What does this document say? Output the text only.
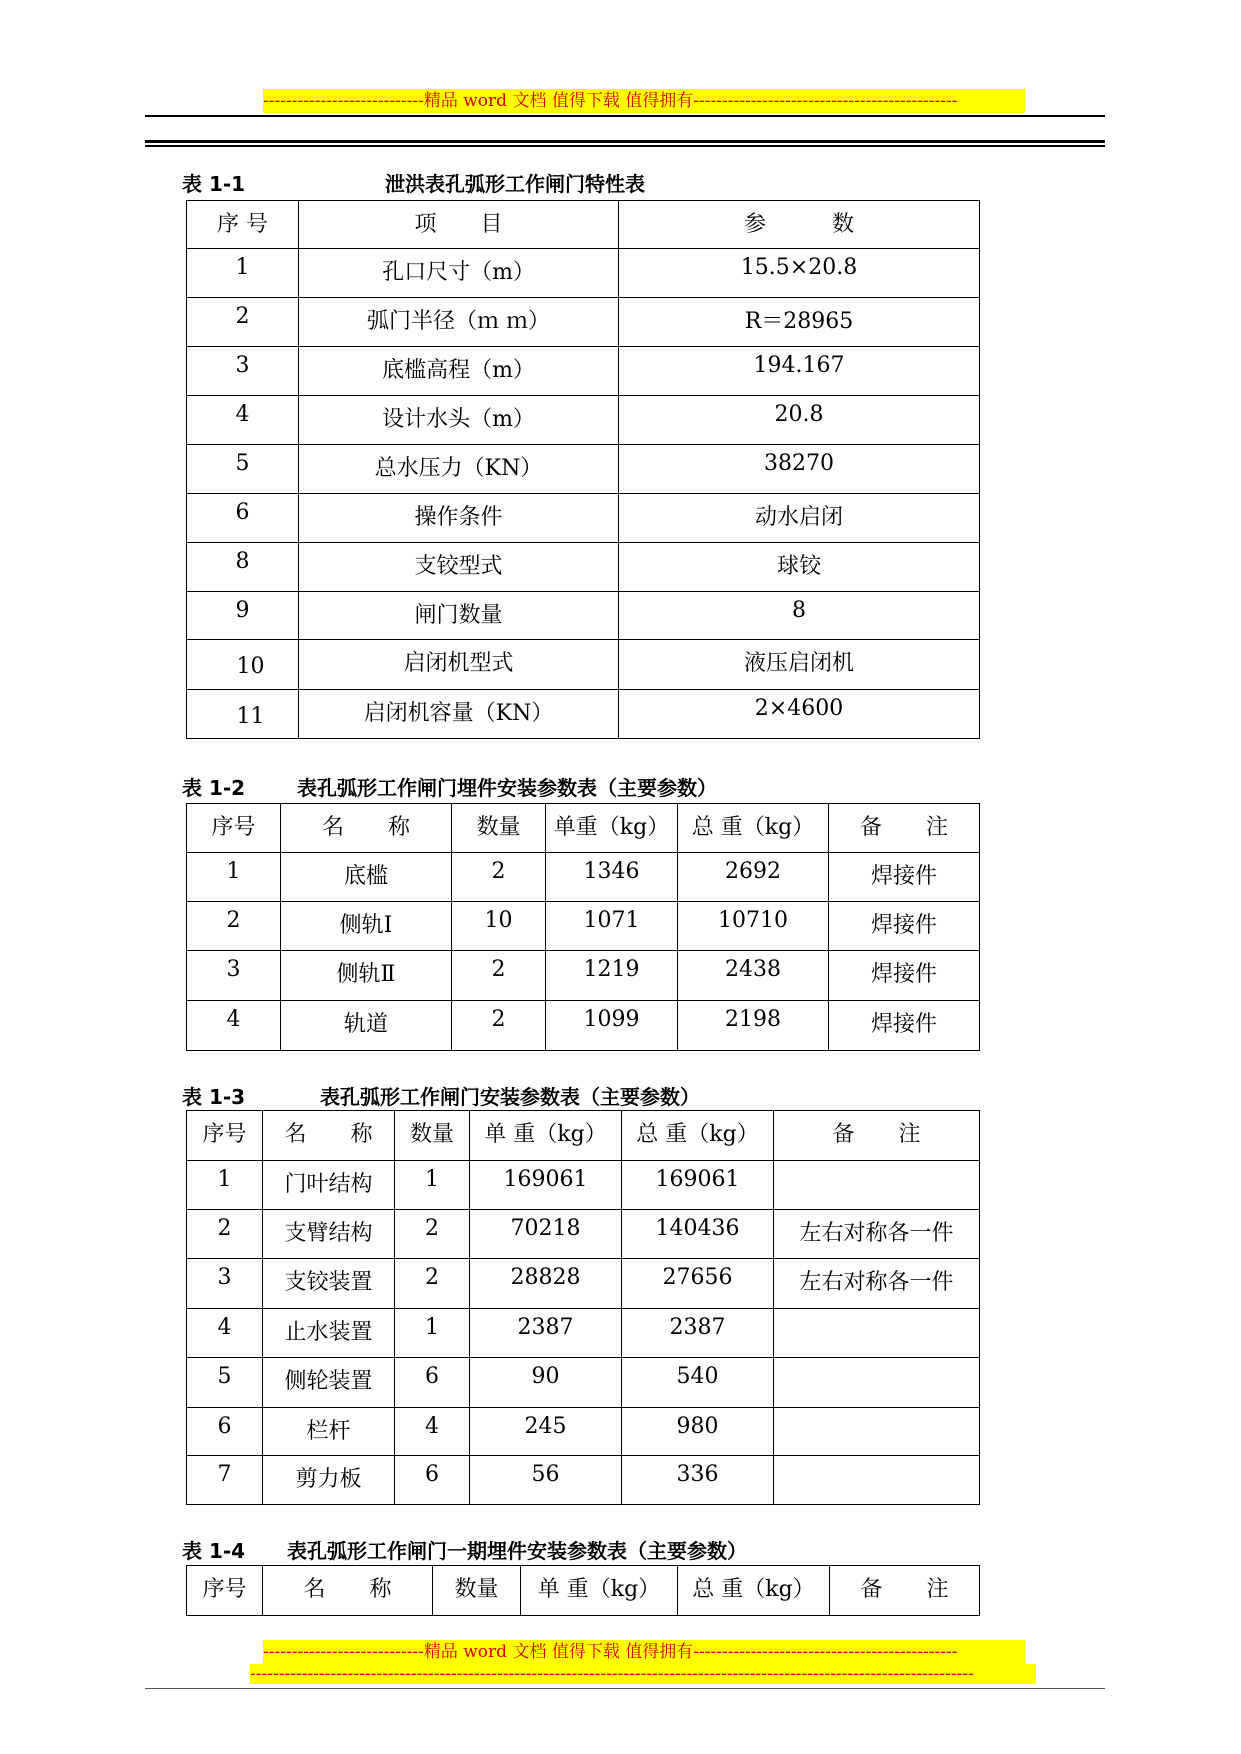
----------------------------精品 word 文档 值得下载 值得拥有----------------------------------------------
表 1-1	泄洪表孔弧形工作闸门特性表
序 号	项　　目	参　　　数
1	孔口尺寸（m）	15.5×20.8
2	弧门半径（ｍ ｍ）	R＝28965
3	底槛高程（m）	194.167
4	设计水头（m）	20.8
5	总水压力（KN）	38270
6	操作条件	动水启闭
8	支铰型式	球铰
9	闸门数量	8
10	启闭机型式	液压启闭机
11	启闭机容量（KN）	2×4600
表 1-2	表孔弧形工作闸门埋件安装参数表（主要参数）
序号	名　　称	数量	单重（kg）	总 重（kg）	备　　注
1	底槛	2	1346	2692	焊接件
2	侧轨Ⅰ	10	1071	10710	焊接件
3	侧轨Ⅱ	2	1219	2438	焊接件
4	轨道	2	1099	2198	焊接件
表 1-3	表孔弧形工作闸门安装参数表（主要参数）
序号	名　　称	数量	单 重（kg）	总 重（kg）	备　　注
1	门叶结构	1	169061	169061	
2	支臂结构	2	70218	140436	左右对称各一件
3	支铰装置	2	28828	27656	左右对称各一件
4	止水装置	1	2387	2387	
5	侧轮装置	6	90	540	
6	栏杆	4	245	980	
7	剪力板	6	56	336	
表 1-4 表孔弧形工作闸门一期埋件安装参数表（主要参数）
序号	名　　称	数量	单 重（kg）	总 重（kg）	备　　注
----------------------------精品 word 文档 值得下载 值得拥有----------------------------------------------
------------------------------------------------------------------------------------------------------------------------------
